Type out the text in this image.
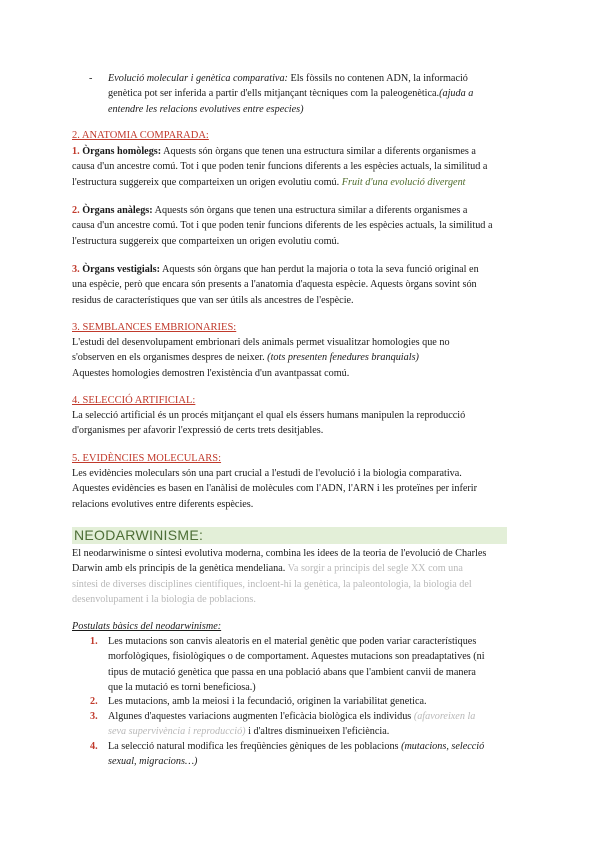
- Evolució molecular i genètica comparativa: Els fòssils no contenen ADN, la informació
genètica pot ser inferida a partir d'ells mitjançant tècniques com la paleogenètica.(ajuda a
entendre les relacions evolutives entre especies)
2. ANATOMIA COMPARADA:
1. Òrgans homòlegs: Aquests són òrgans que tenen una estructura similar a diferents organismes a
causa d'un ancestre comú. Tot i que poden tenir funcions diferents a les espècies actuals, la similitud a
l'estructura suggereix que comparteixen un origen evolutiu comú. Fruit d'una evolució divergent
2. Òrgans anàlegs: Aquests són òrgans que tenen una estructura similar a diferents organismes a
causa d'un ancestre comú. Tot i que poden tenir funcions diferents de les espècies actuals, la similitud a
l'estructura suggereix que comparteixen un origen evolutiu comú.
3. Òrgans vestigials: Aquests són òrgans que han perdut la majoria o tota la seva funció original en
una espècie, però que encara són presents a l'anatomia d'aquesta espècie. Aquests òrgans sovint són
residus de característiques que van ser útils als ancestres de l'espècie.
3. SEMBLANCES EMBRIONARIES:
L'estudi del desenvolupament embrionari dels animals permet visualitzar homologies que no
s'observen en els organismes despres de neixer. (tots presenten fenedures branquials)
Aquestes homologies demostren l'existència d'un avantpassat comú.
4. SELECCIÓ ARTIFICIAL:
La selecció artificial és un procés mitjançant el qual els éssers humans manipulen la reproducció
d'organismes per afavorir l'expressió de certs trets desitjables.
5. EVIDÈNCIES MOLECULARS:
Les evidències moleculars són una part crucial a l'estudi de l'evolució i la biologia comparativa.
Aquestes evidències es basen en l'anàlisi de molècules com l'ADN, l'ARN i les proteïnes per inferir
relacions evolutives entre diferents espècies.
NEODARWINISME:
El neodarwinisme o síntesi evolutiva moderna, combina les idees de la teoria de l'evolució de Charles
Darwin amb els principis de la genètica mendeliana. Va sorgir a principis del segle XX com una
síntesi de diverses disciplines científiques, incloent-hi la genètica, la paleontologia, la biologia del
desenvolupament i la biologia de poblacions.
Postulats bàsics del neodarwinisme:
1. Les mutacions son canvis aleatoris en el material genètic que poden variar característiques
morfològiques, fisiològiques o de comportament. Aquestes mutacions son preadaptatives (ni
tipus de mutació genètica que passa en una població abans que l'ambient canvii de manera
que la mutació es torni beneficiosa.)
2. Les mutacions, amb la meiosi i la fecundació, originen la variabilitat genetica.
3. Algunes d'aquestes variacions augmenten l'eficàcia biològica els individus (afavoreixen la
seva supervivència i reproducció) i d'altres disminueixen l'eficiència.
4. La selecció natural modifica les freqüències gèniques de les poblacions (mutacions, selecció
sexual, migracions…)
